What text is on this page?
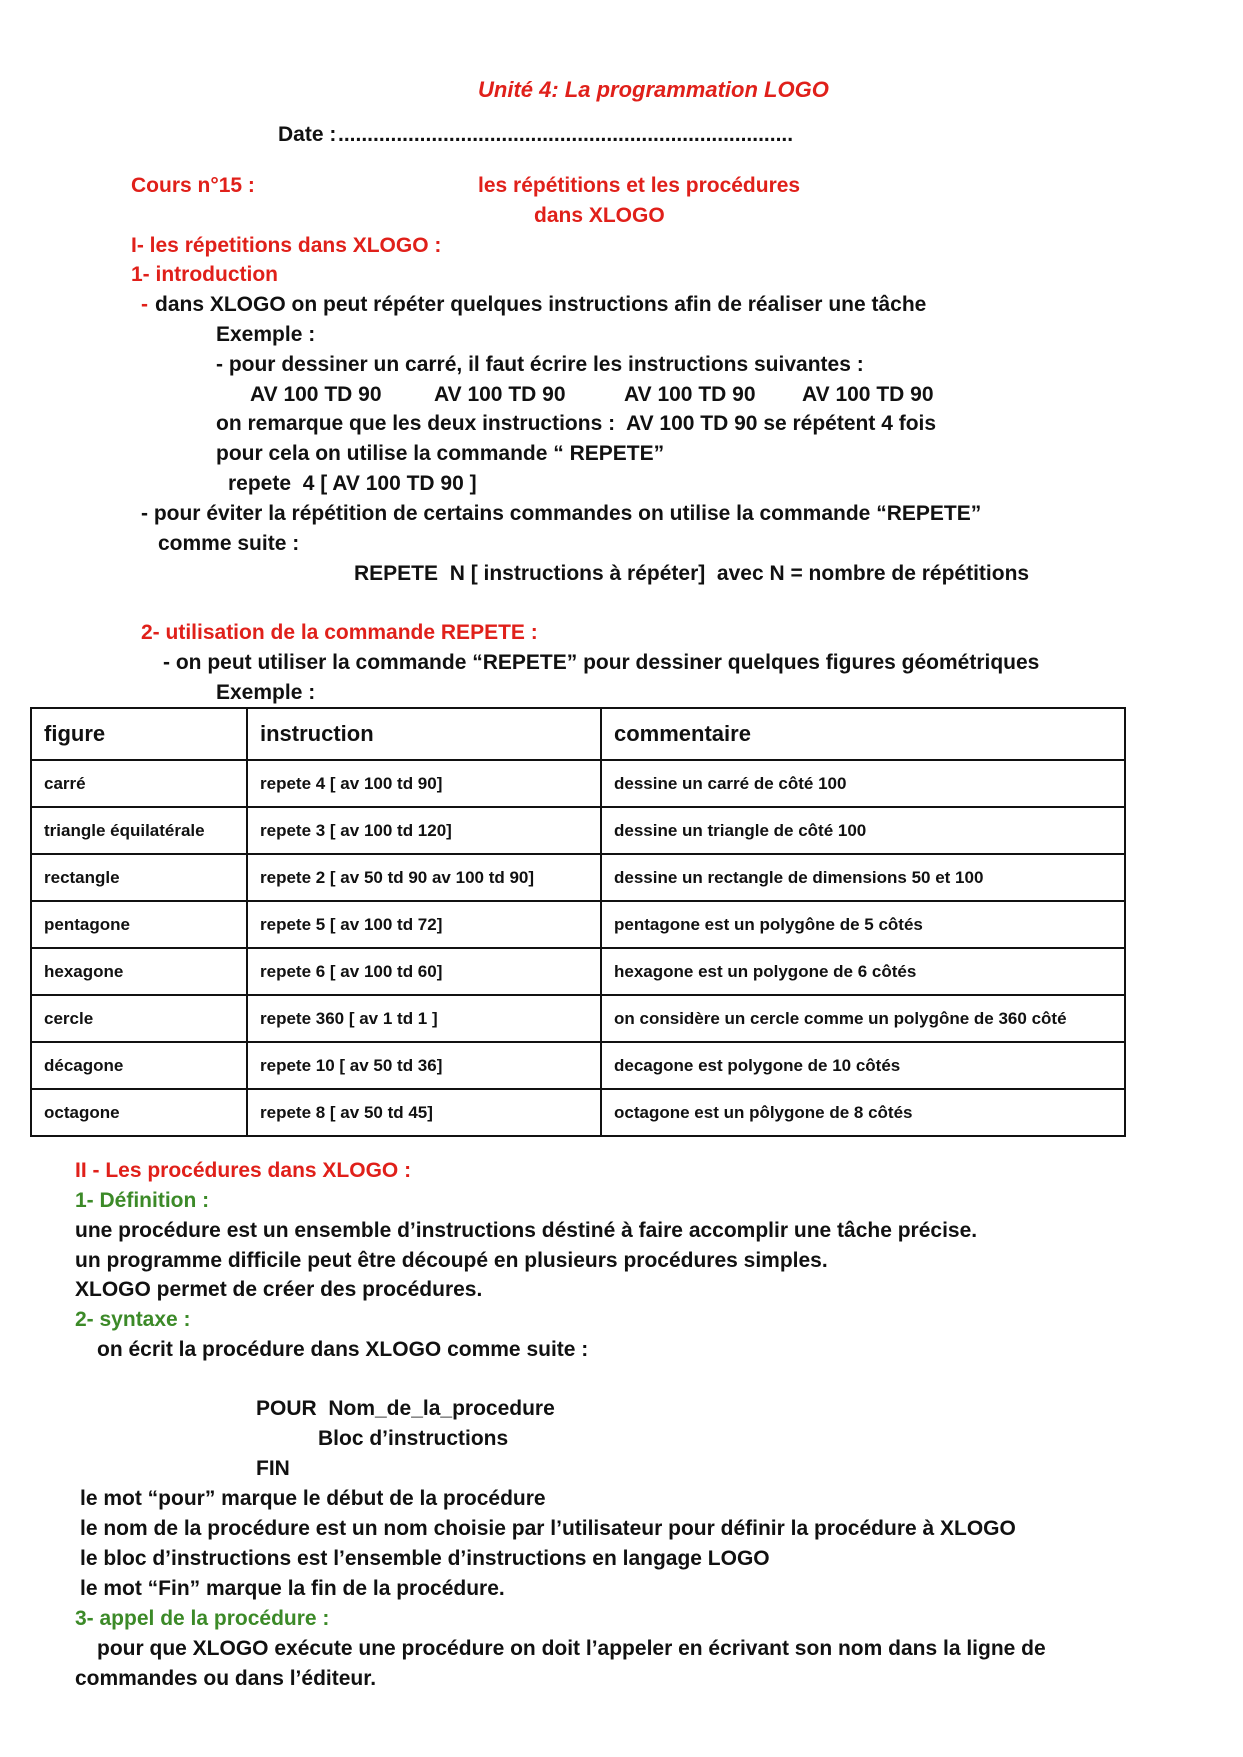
Unité 4: La programmation LOGO
Date : ..............................................................................
Cours n°15 :	les répétitions et les procédures
dans XLOGO
I- les répetitions dans XLOGO :
1- introduction
- dans XLOGO on peut répéter quelques instructions afin de réaliser une tâche
Exemple :
- pour dessiner un carré, il faut écrire les instructions suivantes :
AV 100 TD 90 AV 100 TD 90	AV 100 TD 90 AV 100 TD 90
on remarque que les deux instructions :  AV 100 TD 90 se répétent 4 fois
pour cela on utilise la commande “ REPETE”
repete  4 [ AV 100 TD 90 ]
- pour éviter la répétition de certains commandes on utilise la commande “REPETE”
comme suite :
REPETE  N [ instructions à répéter]  avec N = nombre de répétitions
2- utilisation de la commande REPETE :
- on peut utiliser la commande “REPETE” pour dessiner quelques figures géométriques
Exemple :
figure	instruction	commentaire
carré	repete 4 [ av 100 td 90]	dessine un carré de côté 100
triangle équilatérale	repete 3 [ av 100 td 120]	dessine un triangle de côté 100
rectangle	repete 2 [ av 50 td 90 av 100 td 90]	dessine un rectangle de dimensions 50 et 100
pentagone	repete 5 [ av 100 td 72]	pentagone est un polygône de 5 côtés
hexagone	repete 6 [ av 100 td 60]	hexagone est un polygone de 6 côtés
cercle	repete 360 [ av 1 td 1 ]	on considère un cercle comme un polygône de 360 côté
décagone	repete 10 [ av 50 td 36]	decagone est polygone de 10 côtés
octagone	repete 8 [ av 50 td 45]	octagone est un pôlygone de 8 côtés
II - Les procédures dans XLOGO :
1- Définition :
une procédure est un ensemble d’instructions déstiné à faire accomplir une tâche précise.
un programme difficile peut être découpé en plusieurs procédures simples.
XLOGO permet de créer des procédures.
2- syntaxe :
on écrit la procédure dans XLOGO comme suite :
POUR  Nom_de_la_procedure
Bloc d’instructions
FIN
le mot “pour” marque le début de la procédure
le nom de la procédure est un nom choisie par l’utilisateur pour définir la procédure à XLOGO
le bloc d’instructions est l’ensemble d’instructions en langage LOGO
le mot “Fin” marque la fin de la procédure.
3- appel de la procédure :
pour que XLOGO exécute une procédure on doit l’appeler en écrivant son nom dans la ligne de
commandes ou dans l’éditeur.
